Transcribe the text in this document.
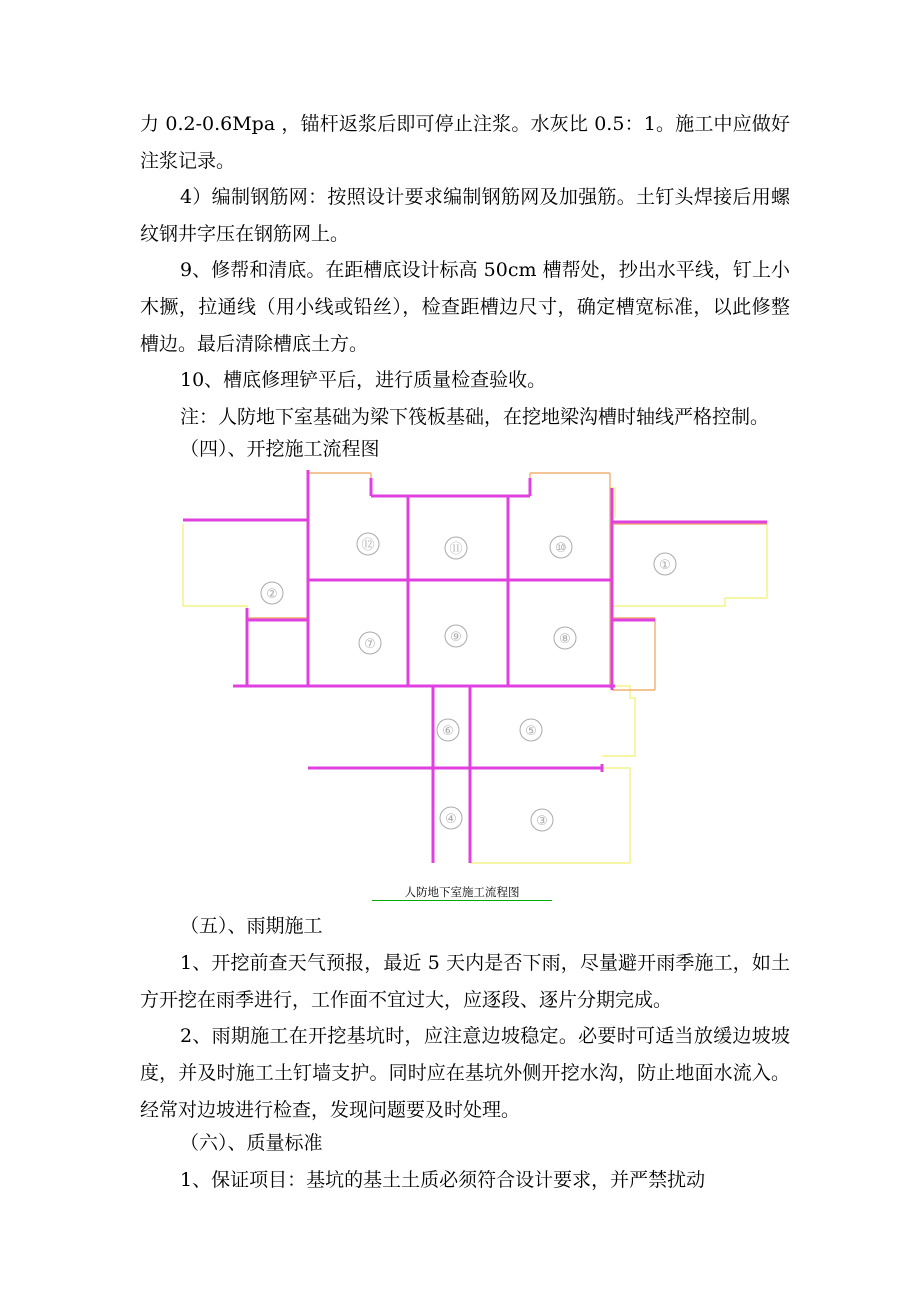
力 0.2-0.6Mpa ，锚杆返浆后即可停止注浆。水灰比 0.5：1。施工中应做好注浆记录。

4）编制钢筋网：按照设计要求编制钢筋网及加强筋。土钉头焊接后用螺纹钢井字压在钢筋网上。

9、修帮和清底。在距槽底设计标高 50cm 槽帮处，抄出水平线，钉上小木撅，拉通线（用小线或铅丝），检查距槽边尺寸，确定槽宽标准，以此修整槽边。最后清除槽底土方。

10、槽底修理铲平后，进行质量检查验收。

注：人防地下室基础为梁下筏板基础，在挖地梁沟槽时轴线严格控制。

（四）、开挖施工流程图

①
②
③
④
⑤
⑥
⑦	⑧
⑨
⑩
⑪
⑫
人防地下室施工流程图

（五）、雨期施工

1、开挖前查天气预报，最近 5 天内是否下雨，尽量避开雨季施工，如土方开挖在雨季进行，工作面不宜过大，应逐段、逐片分期完成。

2、雨期施工在开挖基坑时，应注意边坡稳定。必要时可适当放缓边坡坡度，并及时施工土钉墙支护。同时应在基坑外侧开挖水沟，防止地面水流入。经常对边坡进行检查，发现问题要及时处理。

（六）、质量标准

1、保证项目：基坑的基土土质必须符合设计要求，并严禁扰动
